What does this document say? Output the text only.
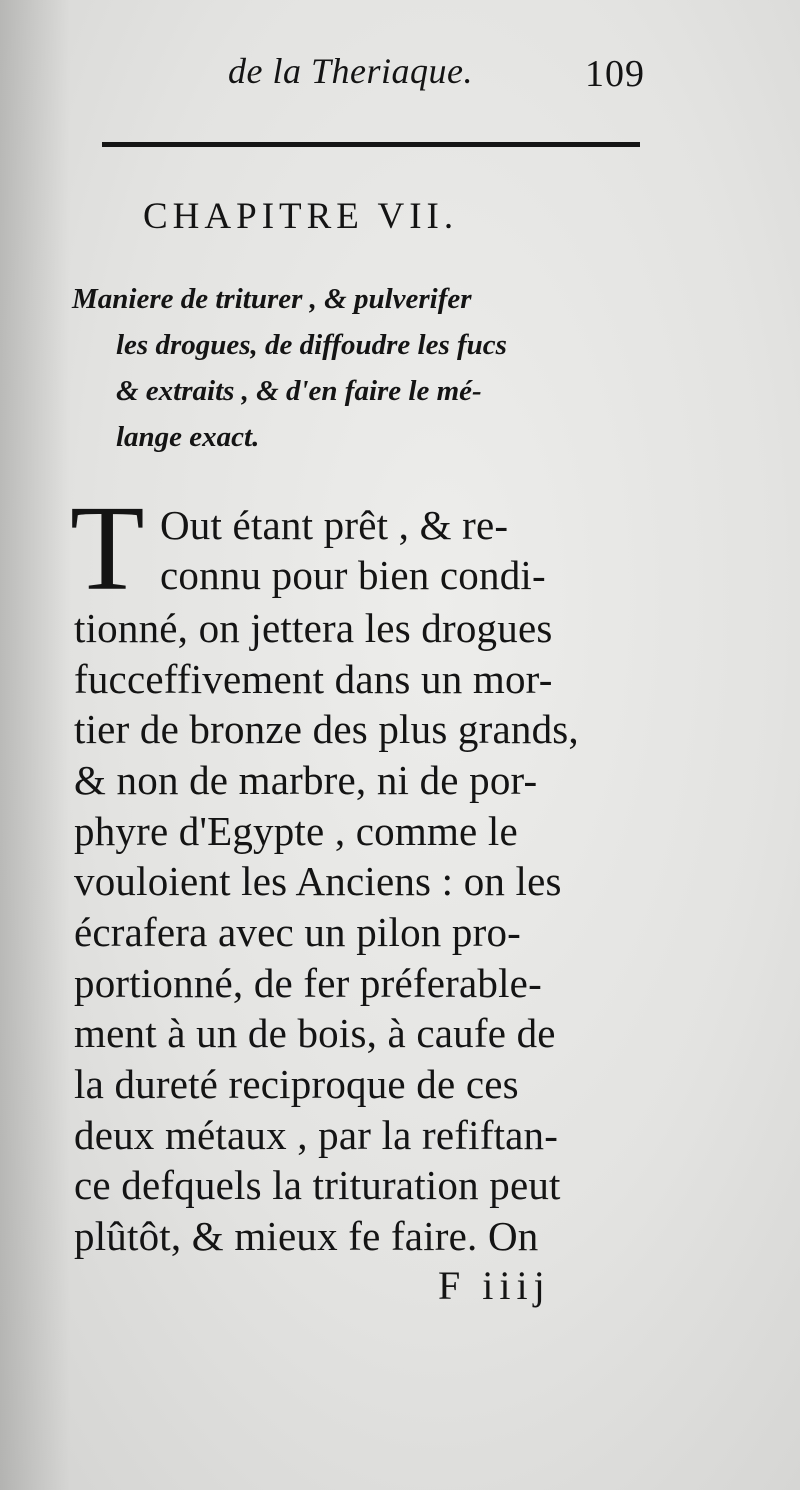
de la Theriaque.	109
CHAPITRE VII.
Maniere de triturer , & pulverifer
les drogues, de diffoudre les fucs
& extraits , & d'en faire le mé-
lange exact.
T Out étant prêt , & re-
connu pour bien condi-
tionné, on jettera les drogues
fucceffivement dans un mor-
tier de bronze des plus grands,
& non de marbre, ni de por-
phyre d'Egypte , comme le
vouloient les Anciens : on les
écrafera avec un pilon pro-
portionné, de fer préferable-
ment à un de bois, à caufe de
la dureté reciproque de ces
deux métaux , par la refiftan-
ce defquels la trituration peut
plûtôt, & mieux fe faire. On
F iiij
